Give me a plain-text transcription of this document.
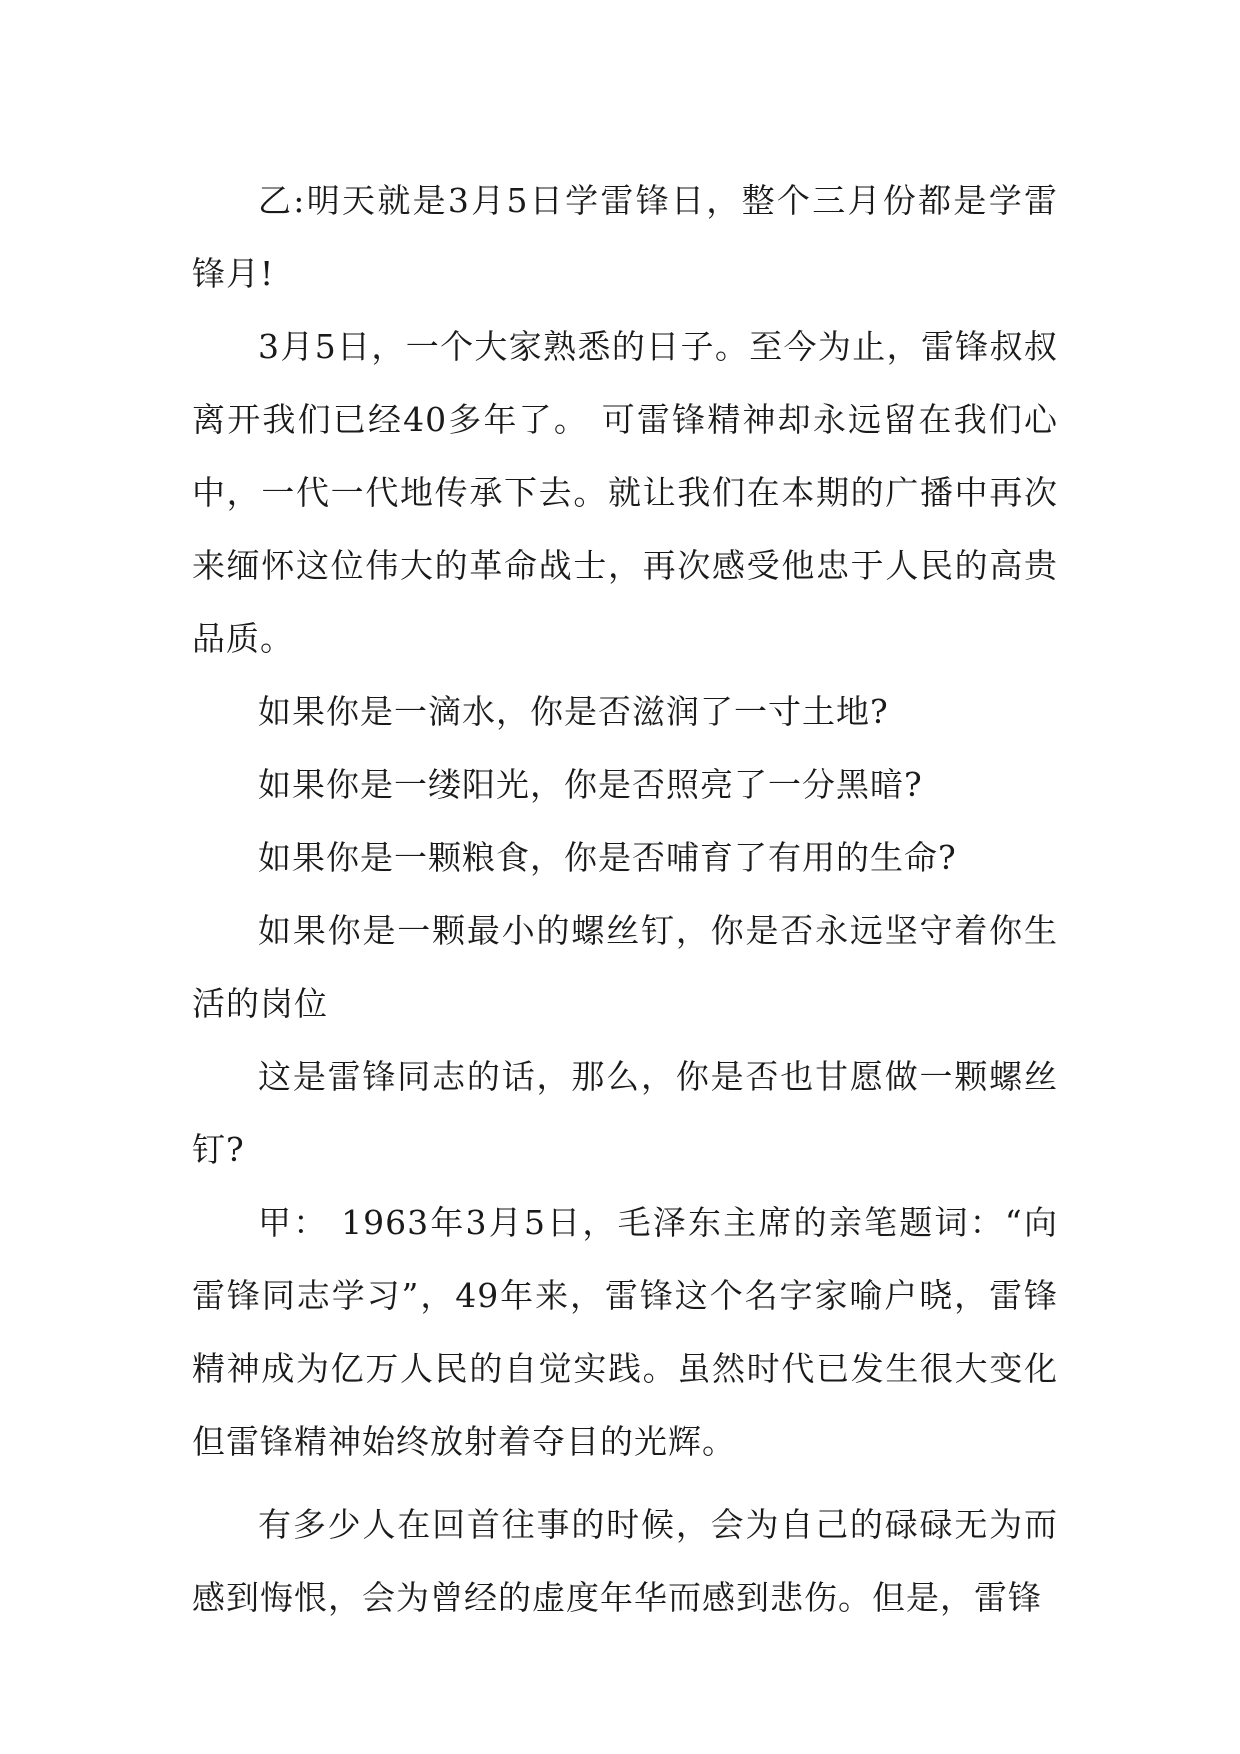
乙:明天就是3月5日学雷锋日，整个三月份都是学雷锋月!

3月5日，一个大家熟悉的日子。至今为止，雷锋叔叔离开我们已经40多年了。 可雷锋精神却永远留在我们心中，一代一代地传承下去。就让我们在本期的广播中再次来缅怀这位伟大的革命战士，再次感受他忠于人民的高贵品质。

如果你是一滴水，你是否滋润了一寸土地?

如果你是一缕阳光，你是否照亮了一分黑暗?

如果你是一颗粮食，你是否哺育了有用的生命?

如果你是一颗最小的螺丝钉，你是否永远坚守着你生活的岗位

这是雷锋同志的话，那么，你是否也甘愿做一颗螺丝钉?

甲： 1963年3月5日，毛泽东主席的亲笔题词：“向雷锋同志学习”，49年来，雷锋这个名字家喻户晓，雷锋精神成为亿万人民的自觉实践。虽然时代已发生很大变化但雷锋精神始终放射着夺目的光辉。

有多少人在回首往事的时候，会为自己的碌碌无为而感到悔恨，会为曾经的虚度年华而感到悲伤。但是，雷锋
